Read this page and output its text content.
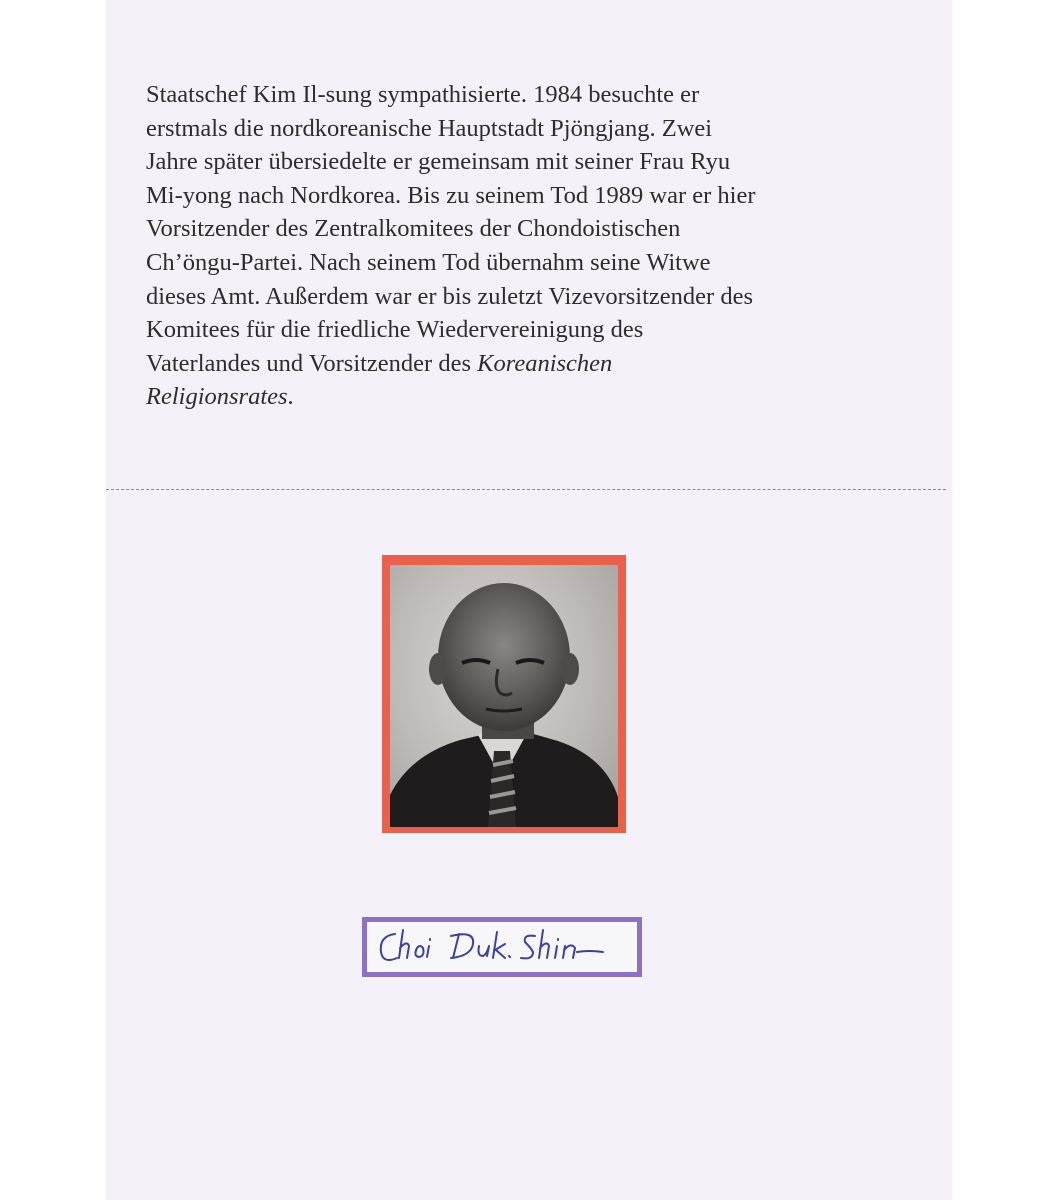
Staatschef Kim Il-sung sympathisierte. 1984 besuchte er
erstmals die nordkoreanische Hauptstadt Pjöngjang. Zwei
Jahre später übersiedelte er gemeinsam mit seiner Frau Ryu
Mi-yong nach Nordkorea. Bis zu seinem Tod 1989 war er hier
Vorsitzender des Zentralkomitees der Chondoistischen
Ch’öngu-Partei. Nach seinem Tod übernahm seine Witwe
dieses Amt. Außerdem war er bis zuletzt Vizevorsitzender des
Komitees für die friedliche Wiedervereinigung des
Vaterlandes und Vorsitzender des Koreanischen
Religionsrates.
